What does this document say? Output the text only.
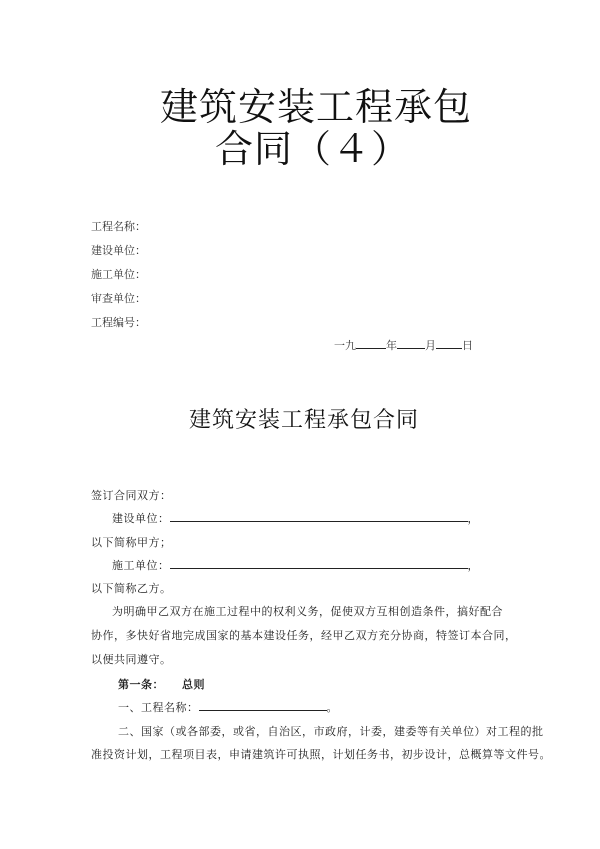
建筑安装工程承包
合同（４）
工程名称：
建设单位：
施工单位：
审查单位：
工程编号：
一九	年	月 日
建筑安装工程承包合同
签订合同双方：
建设单位：	，
以下简称甲方；
施工单位：	，
以下简称乙方。
为明确甲乙双方在施工过程中的权利义务，促使双方互相创造条件，搞好配合
协作，多快好省地完成国家的基本建设任务，经甲乙双方充分协商，特签订本合同，
以便共同遵守。
第一条： 总则
一、工程名称：	。
二、国家（或各部委，或省，自治区，市政府，计委，建委等有关单位）对工程的批
准投资计划，工程项目表，申请建筑许可执照，计划任务书，初步设计，总概算等文件号。
